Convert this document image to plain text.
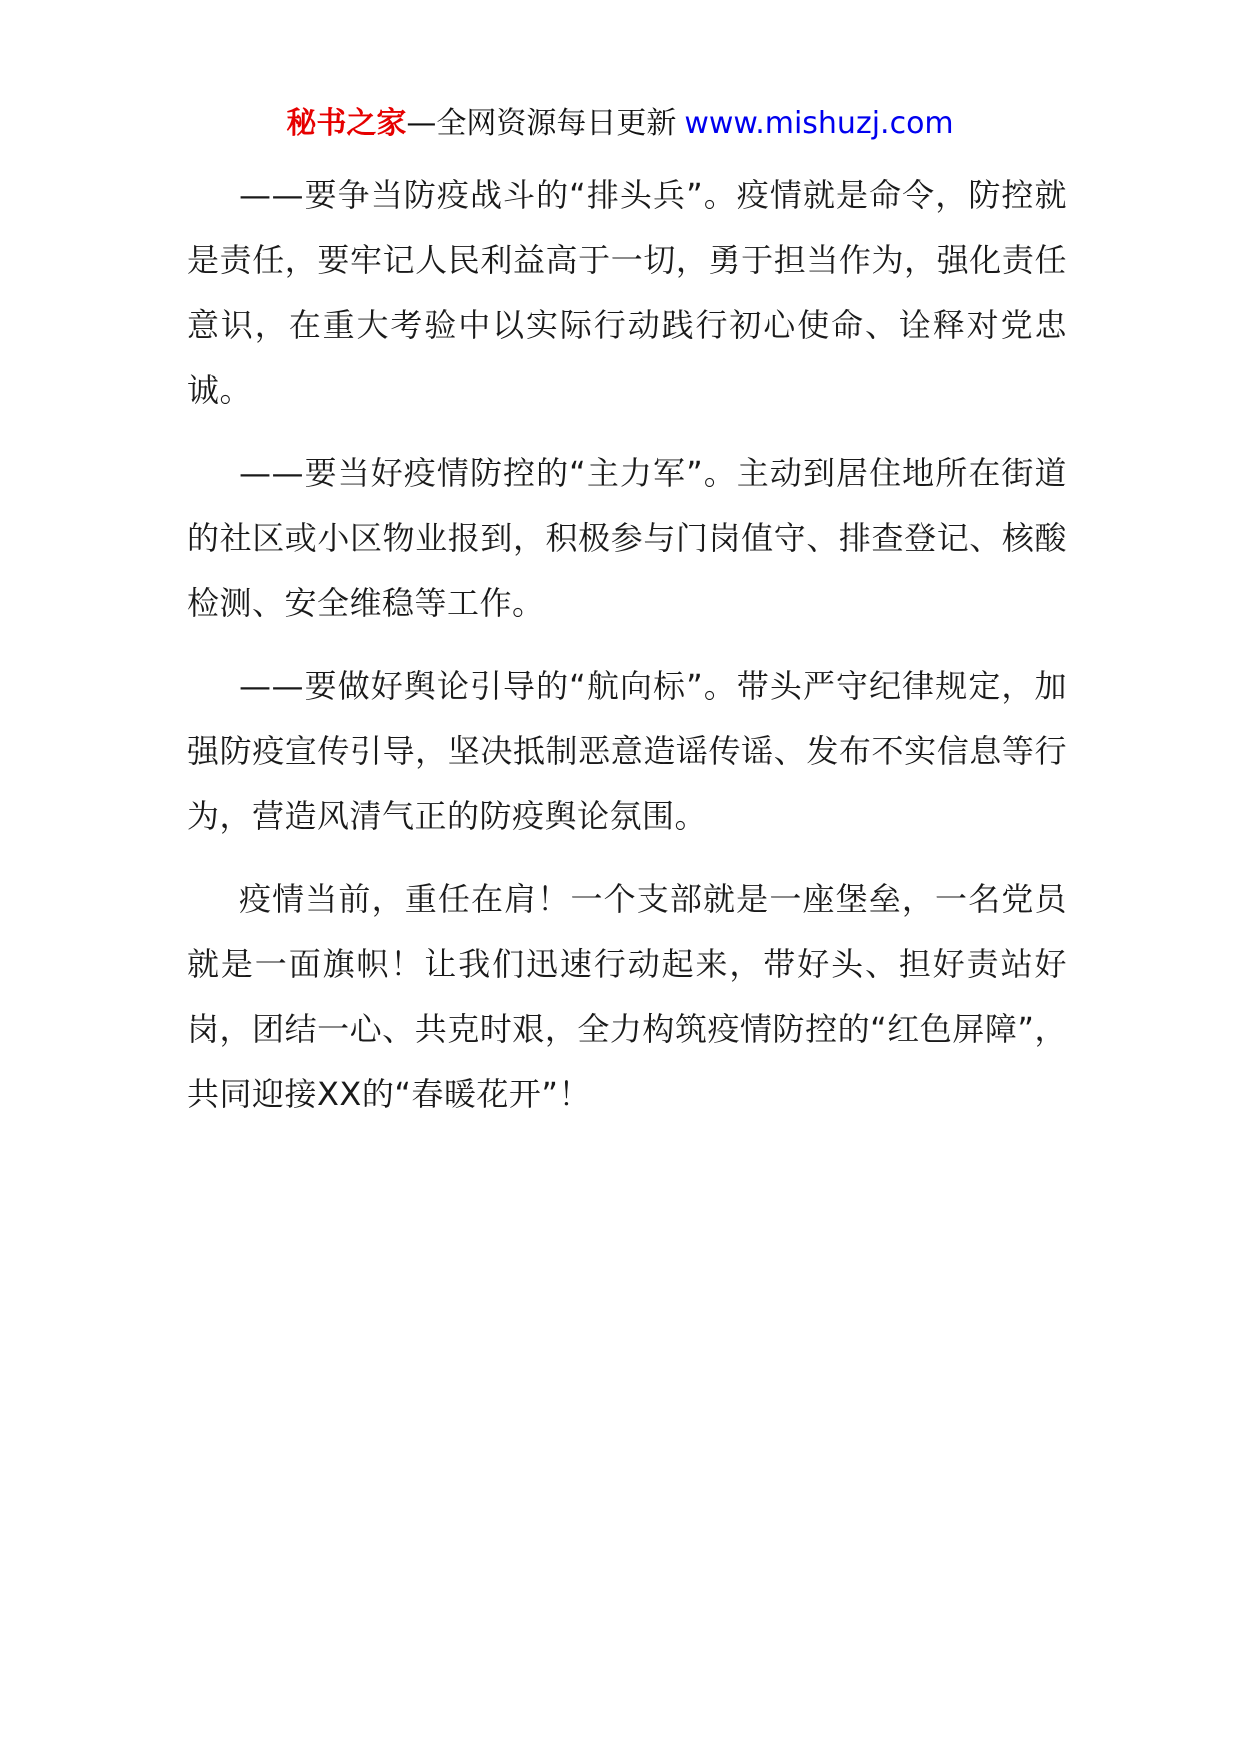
秘书之家—全网资源每日更新 www.mishuzj.com

——要争当防疫战斗的“排头兵”。疫情就是命令，防控就是责任，要牢记人民利益高于一切，勇于担当作为，强化责任意识，在重大考验中以实际行动践行初心使命、诠释对党忠诚。

——要当好疫情防控的“主力军”。主动到居住地所在街道的社区或小区物业报到，积极参与门岗值守、排查登记、核酸检测、安全维稳等工作。

——要做好舆论引导的“航向标”。带头严守纪律规定，加强防疫宣传引导，坚决抵制恶意造谣传谣、发布不实信息等行为，营造风清气正的防疫舆论氛围。

疫情当前，重任在肩！一个支部就是一座堡垒，一名党员就是一面旗帜！让我们迅速行动起来，带好头、担好责站好岗，团结一心、共克时艰，全力构筑疫情防控的“红色屏障”，共同迎接XX的“春暖花开”！
